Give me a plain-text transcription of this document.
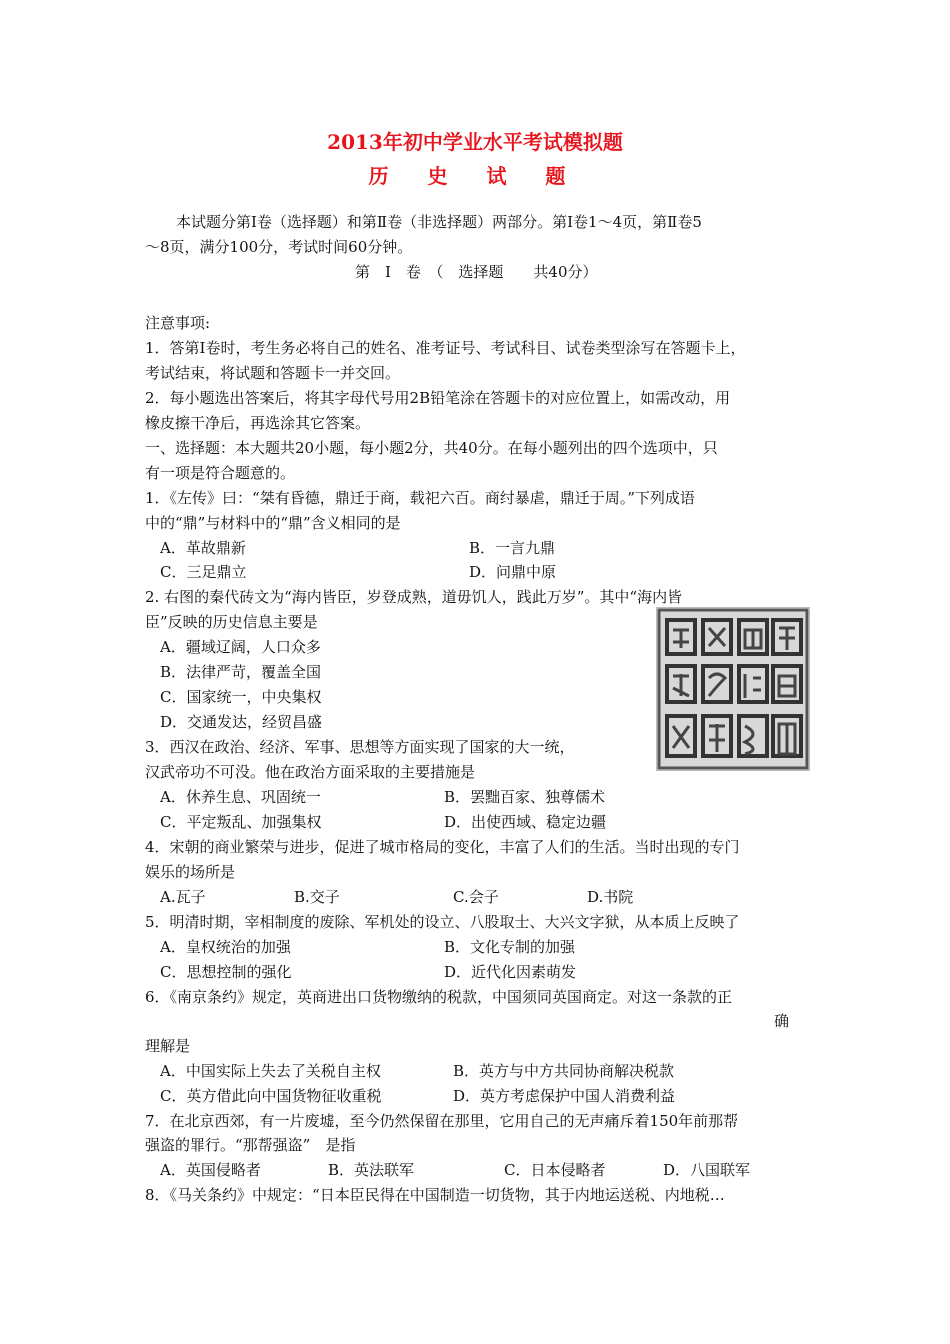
2013年初中学业水平考试模拟题
历 史 试 题
本试题分第Ⅰ卷（选择题）和第Ⅱ卷（非选择题）两部分。第Ⅰ卷1～4页，第Ⅱ卷5
～8页，满分100分，考试时间60分钟。
第　Ⅰ　卷　（　选择题　　共40分）
注意事项:
1．答第Ⅰ卷时，考生务必将自己的姓名、准考证号、考试科目、试卷类型涂写在答题卡上，
考试结束，将试题和答题卡一并交回。
2．每小题选出答案后，将其字母代号用2B铅笔涂在答题卡的对应位置上，如需改动，用
橡皮擦干净后，再选涂其它答案。
一、选择题：本大题共20小题，每小题2分，共40分。在每小题列出的四个选项中，只
有一项是符合题意的。
1．《左传》曰：“桀有昏德，鼎迁于商，载祀六百。商纣暴虐，鼎迁于周。”下列成语
中的“鼎”与材料中的“鼎”含义相同的是
A．革故鼎新	B．一言九鼎
C．三足鼎立	D．问鼎中原
2. 右图的秦代砖文为“海内皆臣，岁登成熟，道毋饥人，践此万岁”。其中“海内皆
臣”反映的历史信息主要是
A．疆域辽阔，人口众多
B．法律严苛，覆盖全国
C．国家统一，中央集权
D．交通发达，经贸昌盛
3．西汉在政治、经济、军事、思想等方面实现了国家的大一统，
汉武帝功不可没。他在政治方面采取的主要措施是
A．休养生息、巩固统一	B．罢黜百家、独尊儒术
C．平定叛乱、加强集权	D．出使西域、稳定边疆
4．宋朝的商业繁荣与进步，促进了城市格局的变化，丰富了人们的生活。当时出现的专门
娱乐的场所是
A.瓦子	B.交子	C.会子	D.书院
5．明清时期，宰相制度的废除、军机处的设立、八股取士、大兴文字狱，从本质上反映了
A．皇权统治的加强	B．文化专制的加强
C．思想控制的强化	D．近代化因素萌发
6．《南京条约》规定，英商进出口货物缴纳的税款，中国须同英国商定。对这一条款的正
确
理解是
A．中国实际上失去了关税自主权	B．英方与中方共同协商解决税款
C．英方借此向中国货物征收重税	D．英方考虑保护中国人消费利益
7．在北京西郊，有一片废墟，至今仍然保留在那里，它用自己的无声痛斥着150年前那帮
强盗的罪行。“那帮强盗”　是指
A．英国侵略者	B．英法联军	C．日本侵略者	D．八国联军
8．《马关条约》中规定：“日本臣民得在中国制造一切货物，其于内地运送税、内地税…
